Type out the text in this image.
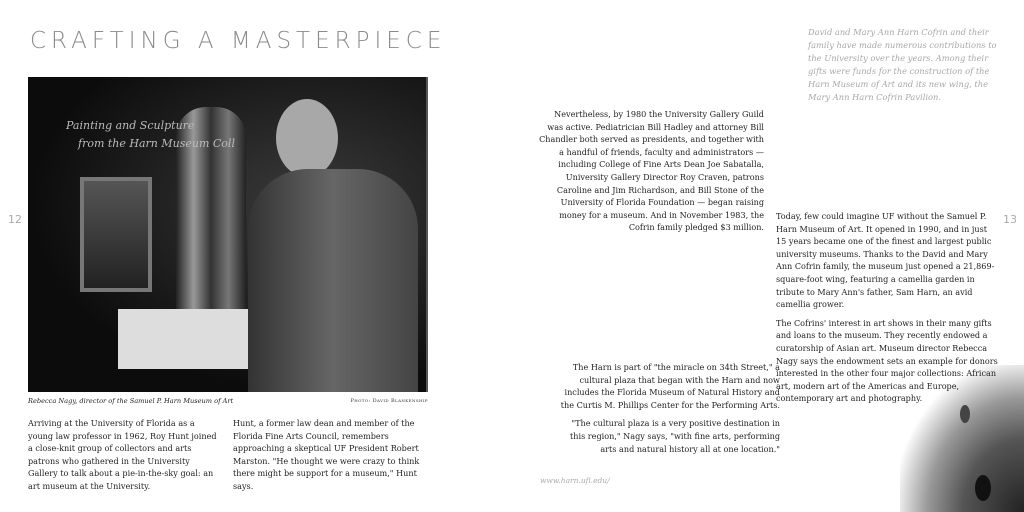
CRAFTING A MASTERPIECE	David and Mary Ann Harn Cofrin and their family have made numerous contributions to the University over the years. Among their gifts were funds for the construction of the Harn Museum of Art and its new wing, the Mary Ann Harn Cofrin Pavilion.
12	13
Painting and Sculpture
from the Harn Museum Coll
Rebecca Nagy, director of the Samuel P. Harn Museum of Art	Photo: David Blankenship
Arriving at the University of Florida as a young law professor in 1962, Roy Hunt joined a close-knit group of collectors and arts patrons who gathered in the University Gallery to talk about a pie-in-the-sky goal: an art museum at the University.
Hunt, a former law dean and member of the Florida Fine Arts Council, remembers approaching a skeptical UF President Robert Marston. "He thought we were crazy to think there might be support for a museum," Hunt says.
Nevertheless, by 1980 the University Gallery Guild was active. Pediatrician Bill Hadley and attorney Bill Chandler both served as presidents, and together with a handful of friends, faculty and administrators — including College of Fine Arts Dean Joe Sabatalla, University Gallery Director Roy Craven, patrons Caroline and Jim Richardson, and Bill Stone of the University of Florida Foundation — began raising money for a museum. And in November 1983, the Cofrin family pledged $3 million.

Today, few could imagine UF without the Samuel P. Harn Museum of Art. It opened in 1990, and in just 15 years became one of the finest and largest public university museums. Thanks to the David and Mary Ann Cofrin family, the museum just opened a 21,869-square-foot wing, featuring a camellia garden in tribute to Mary Ann's father, Sam Harn, an avid camellia grower.

The Cofrins' interest in art shows in their many gifts and loans to the museum. They recently endowed a curatorship of Asian art. Museum director Rebecca Nagy says the endowment sets an example for donors interested in the other four major collections: African art, modern art of the Americas and Europe, contemporary art and photography.

The Harn is part of "the miracle on 34th Street," a cultural plaza that began with the Harn and now includes the Florida Museum of Natural History and the Curtis M. Phillips Center for the Performing Arts.

"The cultural plaza is a very positive destination in this region," Nagy says, "with fine arts, performing arts and natural history all at one location."

www.harn.ufl.edu/
